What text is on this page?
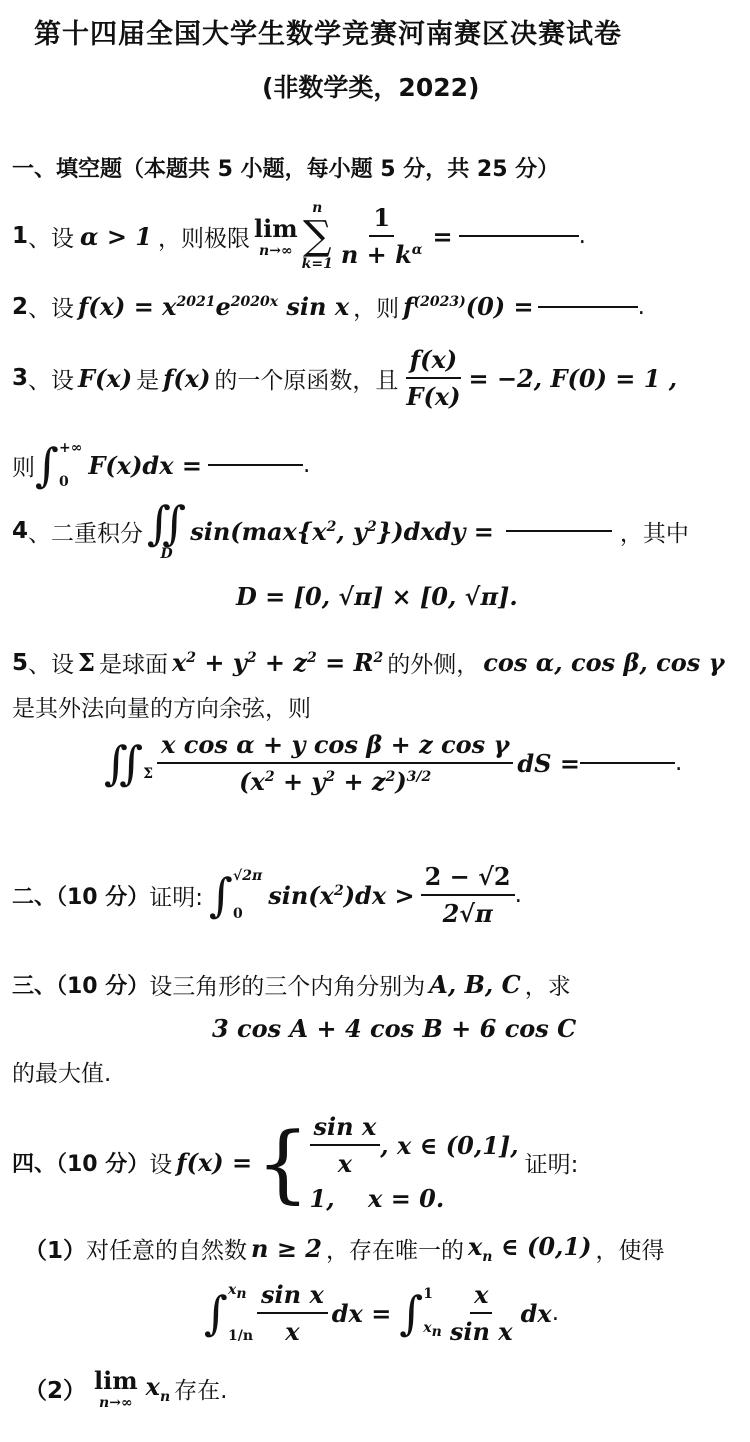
第十四届全国大学生数学竞赛河南赛区决赛试卷
(非数学类，2022)
一、填空题（本题共 5 小题，每小题 5 分，共 25 分）
1 、 设 α > 1 ，则极限 lim
n→∞
n
∑
$k=1 \frac{1}{n + k^\alpha}$ =	.
2 、 设 $f(x) = x^{2021}e^{2020x}$ sin x ，则 $f^{(2023)}(0)$ =	.
3 、 设 F(x) 是 f(x) 的一个原函数，且 $\frac{f(x)}{F(x)} = -2$, F(0) = 1 ,
则 ∫ +∞
0
F(x)dx =	.
4 、 二重积分 ∬
D
$\sin(\max\{x^2$, $y^2\})dxdy$ =	，其中
D = [0, √π] × [0, √π].
5 、 设 Σ 是球面 $x^2 + y^2 + z^2 = R^2$ 的外侧， cos α, cos β, cos γ
是其外法向量的方向余弦，则
∬ Σ $\frac{\text{x cos α + y cos β + z cos γ}}{(x^2 + y^2 + z^2)^{3/2}}$ dS =	.
二、（10 分） 证明: ∫ √2π
0
$\sin(x^2)dx > \frac{2 - √2}{2√\pi}$ .
三、（10 分） 设三角形的三个内角分别为 A, B, C ，求
3 cos A + 4 cos B + 6 cos C
的最大值.
四、（10 分） 设 f(x) = { $\frac{\text{sin x}}{x}$ , x ∈ (0,1],
1,    x = 0.
证明:
（1） 对任意的自然数 n ≥ 2 ，存在唯一的 $x_n$ ∈ (0,1) ，使得
∫ $x_n$
$1/n \frac{\text{sin x}}{x}$ dx = ∫ 1
$x_n \frac{x}{\text{sin x}}$ dx .
（2） lim
n→∞
$x_n$ 存在.
